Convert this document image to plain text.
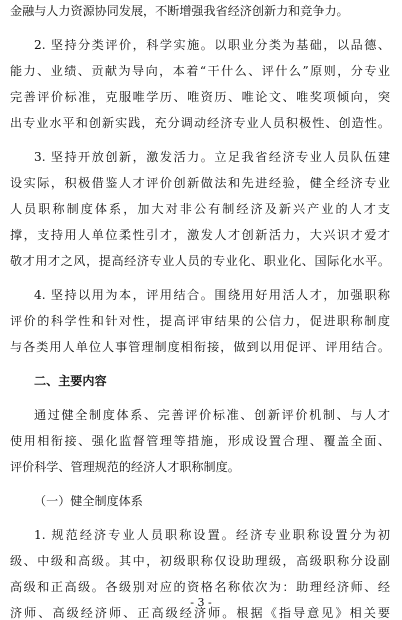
金融与人力资源协同发展，不断增强我省经济创新力和竞争力。
2. 坚持分类评价，科学实施。以职业分类为基础，以品德、
能力、业绩、贡献为导向，本着“干什么、评什么”原则，分专业
完善评价标准，克服唯学历、唯资历、唯论文、唯奖项倾向，突
出专业水平和创新实践，充分调动经济专业人员积极性、创造性。
3. 坚持开放创新，激发活力。立足我省经济专业人员队伍建
设实际，积极借鉴人才评价创新做法和先进经验，健全经济专业
人员职称制度体系，加大对非公有制经济及新兴产业的人才支
撑，支持用人单位柔性引才，激发人才创新活力，大兴识才爱才
敬才用才之风，提高经济专业人员的专业化、职业化、国际化水平。
4. 坚持以用为本，评用结合。围绕用好用活人才，加强职称
评价的科学性和针对性，提高评审结果的公信力，促进职称制度
与各类用人单位人事管理制度相衔接，做到以用促评、评用结合。
二、主要内容
通过健全制度体系、完善评价标准、创新评价机制、与人才
使用相衔接、强化监督管理等措施，形成设置合理、覆盖全面、
评价科学、管理规范的经济人才职称制度。
（一）健全制度体系
1. 规范经济专业人员职称设置。经济专业职称设置分为初
级、中级和高级。其中，初级职称仅设助理级，高级职称分设副
高级和正高级。各级别对应的资格名称依次为：助理经济师、经
济师、高级经济师、正高级经济师。根据《指导意见》相关要
- 3 -
